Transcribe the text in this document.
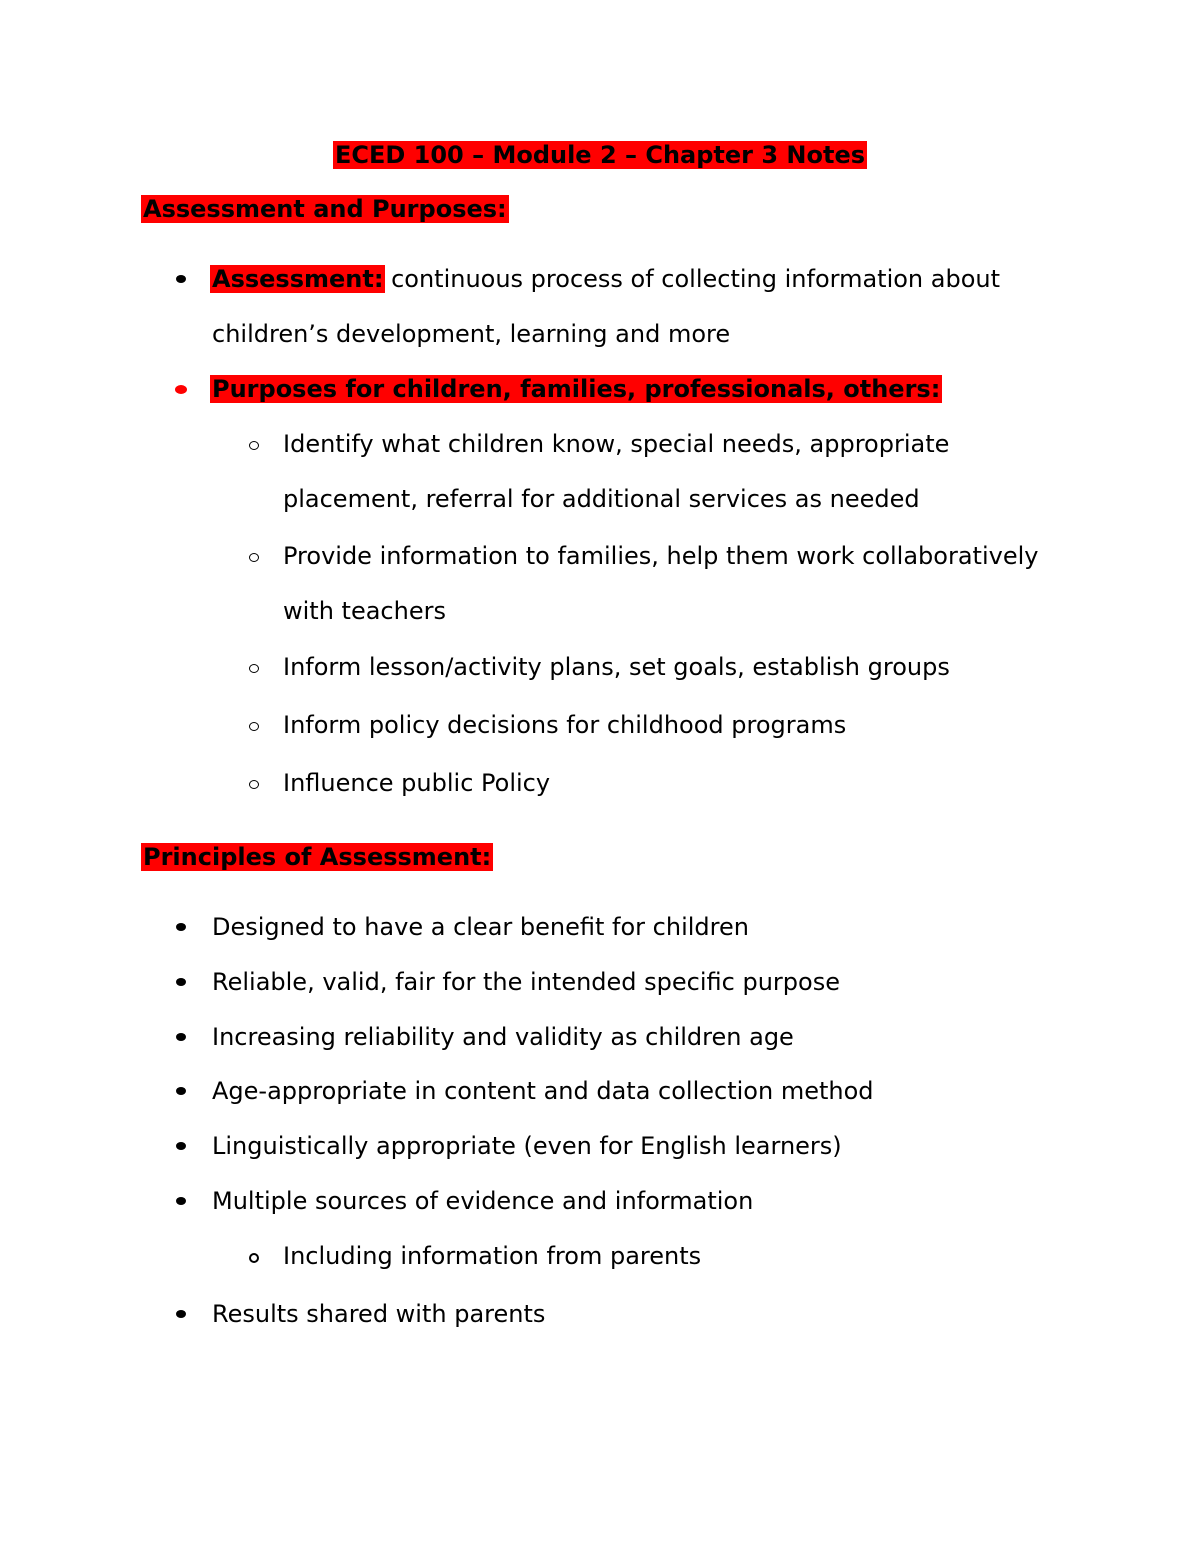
ECED 100 – Module 2 – Chapter 3 Notes
Assessment and Purposes:
Assessment: continuous process of collecting information about
children’s development, learning and more
Purposes for children, families, professionals, others:
Identify what children know, special needs, appropriate
placement, referral for additional services as needed
Provide information to families, help them work collaboratively
with teachers
Inform lesson/activity plans, set goals, establish groups
Inform policy decisions for childhood programs
Influence public Policy
Principles of Assessment:
Designed to have a clear benefit for children
Reliable, valid, fair for the intended specific purpose
Increasing reliability and validity as children age
Age-appropriate in content and data collection method
Linguistically appropriate (even for English learners)
Multiple sources of evidence and information
Including information from parents
Results shared with parents
